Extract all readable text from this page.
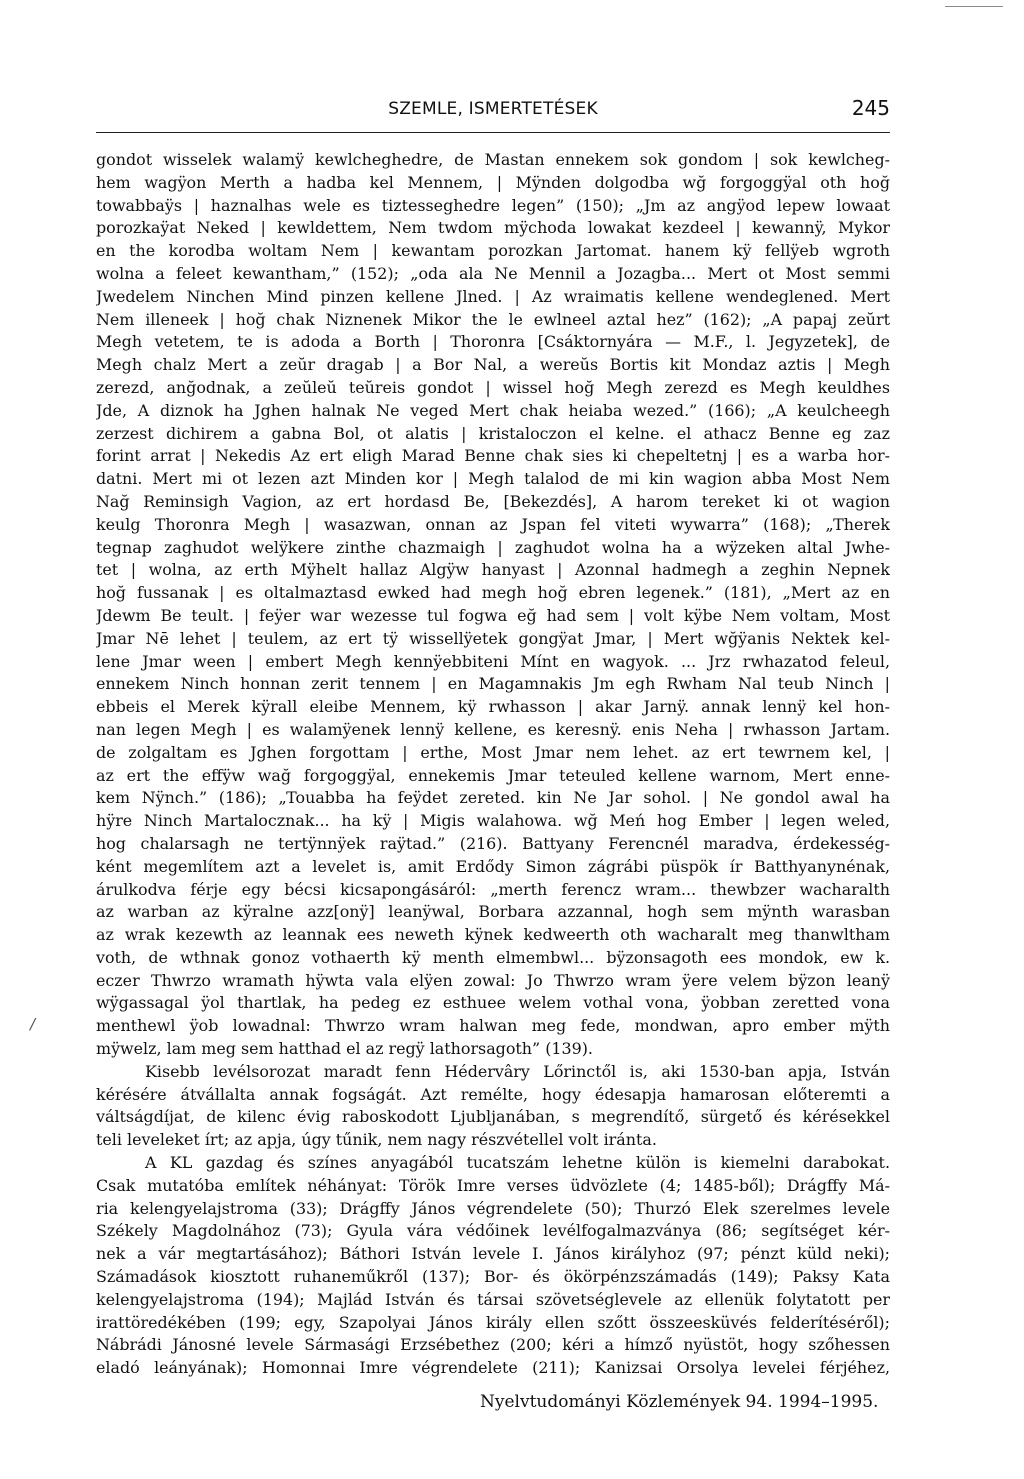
SZEMLE, ISMERTETÉSEK	245
gondot wisselek walamÿ kewlcheghedre, de Mastan ennekem sok gondom | sok kewlcheg-
hem wagÿon Merth a hadba kel Mennem, | Mÿnden dolgodba wğ forgoggÿal oth hoğ
towabbaÿs | haznalhas wele es tiztesseghedre legen” (150); „Jm az angÿod lepew lowaat
porozkaÿat Neked | kewldettem, Nem twdom mÿchoda lowakat kezdeel | kewannÿ, Mykor
en the korodba woltam Nem | kewantam porozkan Jartomat. hanem kÿ fellÿeb wgroth
wolna a feleet kewantham,” (152); „oda ala Ne Mennil a Jozagba... Mert ot Most semmi
Jwedelem Ninchen Mind pinzen kellene Jlned. | Az wraimatis kellene wendeglened. Mert
Nem illeneek | hoğ chak Niznenek Mikor the le ewlneel aztal hez” (162); „A papaj zeŭrt
Megh vetetem, te is adoda a Borth | Thoronra [Csáktornyára — M.F., l. Jegyzetek], de
Megh chalz Mert a zeŭr dragab | a Bor Nal, a wereŭs Bortis kit Mondaz aztis | Megh
zerezd, anğodnak, a zeŭleŭ teŭreis gondot | wissel hoğ Megh zerezd es Megh keuldhes
Jde, A diznok ha Jghen halnak Ne veged Mert chak heiaba wezed.” (166); „A keulcheegh
zerzest dichirem a gabna Bol, ot alatis | kristaloczon el kelne. el athacz Benne eg zaz
forint arrat | Nekedis Az ert eligh Marad Benne chak sies ki chepeltetnj | es a warba hor-
datni. Mert mi ot lezen azt Minden kor | Megh talalod de mi kin wagion abba Most Nem
Nağ Reminsigh Vagion, az ert hordasd Be, [Bekezdés], A harom tereket ki ot wagion
keulg Thoronra Megh | wasazwan, onnan az Jspan fel viteti wywarra” (168); „Therek
tegnap zaghudot welÿkere zinthe chazmaigh | zaghudot wolna ha a wÿzeken altal Jwhe-
tet | wolna, az erth Mÿhelt hallaz Algÿw hanyast | Azonnal hadmegh a zeghin Nepnek
hoğ fussanak | es oltalmaztasd ewked had megh hoğ ebren legenek.” (181), „Mert az en
Jdewm Be teult. | feÿer war wezesse tul fogwa eğ had sem | volt kÿbe Nem voltam, Most
Jmar Nē lehet | teulem, az ert tÿ wissellÿetek gongÿat Jmar, | Mert wğÿanis Nektek kel-
lene Jmar ween | embert Megh kennÿebbiteni Mínt en wagyok. ... Jrz rwhazatod feleul,
ennekem Ninch honnan zerit tennem | en Magamnakis Jm egh Rwham Nal teub Ninch |
ebbeis el Merek kÿrall eleibe Mennem, kÿ rwhasson | akar Jarnÿ. annak lennÿ kel hon-
nan legen Megh | es walamÿenek lennÿ kellene, es keresnÿ. enis Neha | rwhasson Jartam.
de zolgaltam es Jghen forgottam | erthe, Most Jmar nem lehet. az ert tewrnem kel, |
az ert the effÿw wağ forgoggÿal, ennekemis Jmar teteuled kellene warnom, Mert enne-
kem Nÿnch.” (186); „Touabba ha feÿdet zereted. kin Ne Jar sohol. | Ne gondol awal ha
hÿre Ninch Martalocznak... ha kÿ | Migis walahowa. wğ Meń hog Ember | legen weled,
hog chalarsagh ne tertÿnnÿek raÿtad.” (216). Battyany Ferencnél maradva, érdekesség-
ként megemlítem azt a levelet is, amit Erdődy Simon zágrábi püspök ír Batthyanynénak,
árulkodva férje egy bécsi kicsapongásáról: „merth ferencz wram... thewbzer wacharalth
az warban az kÿralne azz[onÿ] leanÿwal, Borbara azzannal, hogh sem mÿnth warasban
az wrak kezewth az leannak ees neweth kÿnek kedweerth oth wacharalt meg thanwltham
voth, de wthnak gonoz vothaerth kÿ menth elmembwl... bÿzonsagoth ees mondok, ew k.
eczer Thwrzo wramath hÿwta vala elÿen zowal: Jo Thwrzo wram ÿere velem bÿzon leanÿ
wÿgassagal ÿol thartlak, ha pedeg ez esthuee welem vothal vona, ÿobban zeretted vona
menthewl ÿob lowadnal: Thwrzo wram halwan meg fede, mondwan, apro ember mÿth
mÿwelz, lam meg sem hatthad el az regÿ lathorsagoth” (139).
Kisebb levélsorozat maradt fenn Hédervâry Lőrinctől is, aki 1530-ban apja, István
kérésére átvállalta annak fogságát. Azt remélte, hogy édesapja hamarosan előteremti a
váltságdíjat, de kilenc évig raboskodott Ljubljanában, s megrendítő, sürgető és kérésekkel
teli leveleket írt; az apja, úgy tűnik, nem nagy részvétellel volt iránta.
A KL gazdag és színes anyagából tucatszám lehetne külön is kiemelni darabokat.
Csak mutatóba említek néhányat: Török Imre verses üdvözlete (4; 1485-ből); Drágffy Má-
ria kelengyelajstroma (33); Drágffy János végrendelete (50); Thurzó Elek szerelmes levele
Székely Magdolnához (73); Gyula vára védőinek levélfogalmazványa (86; segítséget kér-
nek a vár megtartásához); Báthori István levele I. János királyhoz (97; pénzt küld neki);
Számadások kiosztott ruhaneműkről (137); Bor- és ökörpénzszámadás (149); Paksy Kata
kelengyelajstroma (194); Majlád István és társai szövetséglevele az ellenük folytatott per
irattöredékében (199; egy, Szapolyai János király ellen szőtt összeesküvés felderítéséről);
Nábrádi Jánosné levele Sármasági Erzsébethez (200; kéri a hímző nyüstöt, hogy szőhessen
eladó leányának); Homonnai Imre végrendelete (211); Kanizsai Orsolya levelei férjéhez,
/
Nyelvtudományi Közlemények 94. 1994–1995.
